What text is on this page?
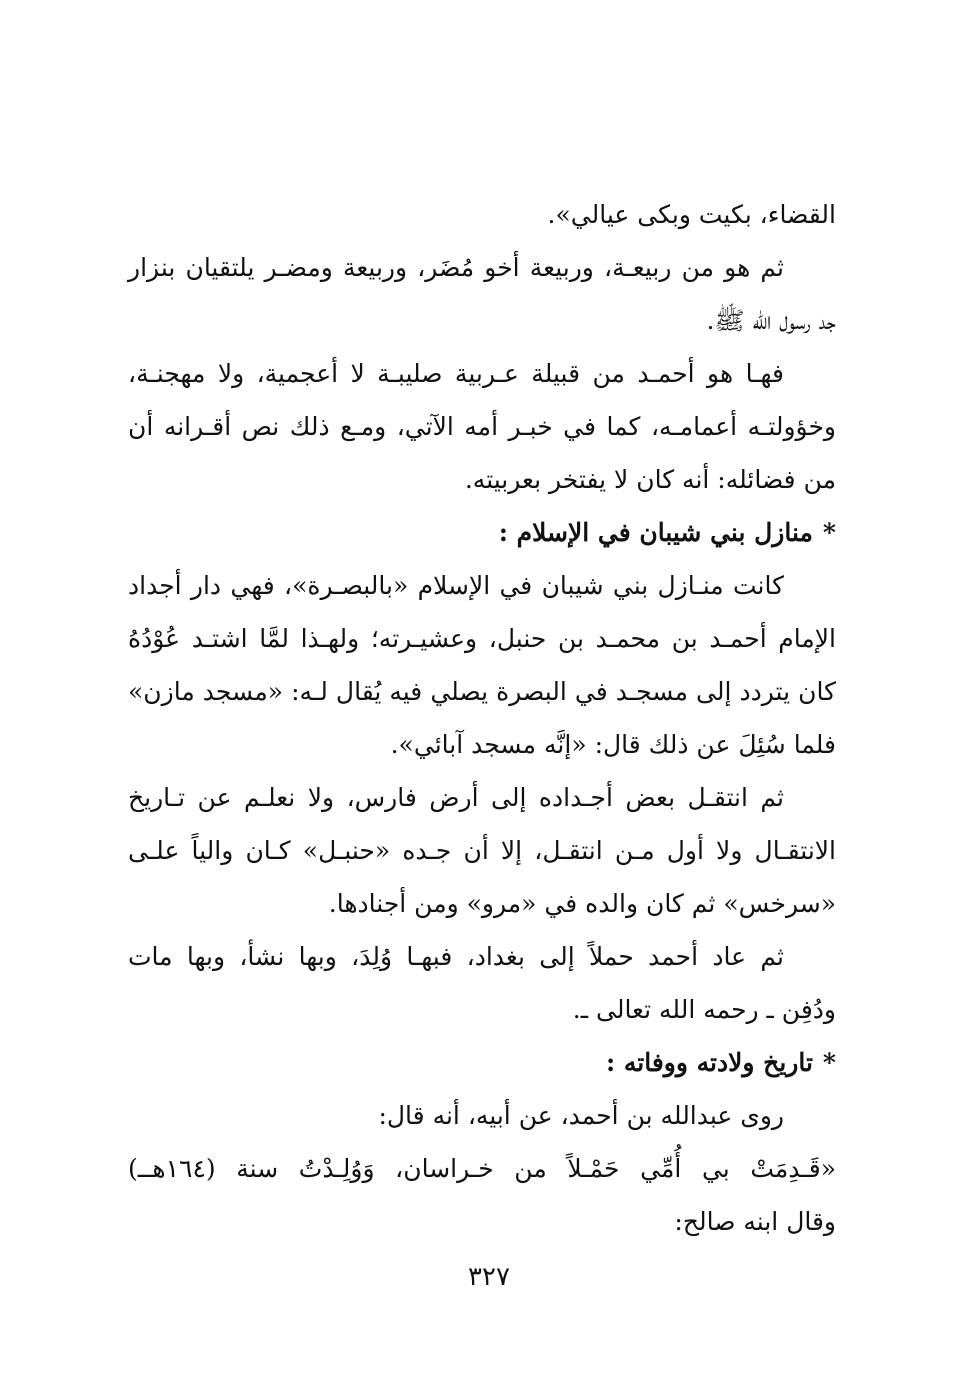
القضاء، بكيت وبكى عيالي».

ثم هو من ربيعـة، وربيعة أخو مُضَر، وربيعة ومضـر يلتقيان بنزار

جد رسول الله ﷺ.

فهـا هو أحمـد من قبيلة عـربية صليبـة لا أعجمية، ولا مهجنـة،

وخؤولتـه أعمامـه، كما في خبـر أمه الآتي، ومـع ذلك نص أقـرانه أن

من فضائله: أنه كان لا يفتخر بعربيته.

*منازل بني شيبان في الإسلام :

كانت منـازل بني شيبان في الإسلام «بالبصـرة»، فهي دار أجداد

الإمام أحمـد بن محمـد بن حنبل، وعشيـرته؛ ولهـذا لمَّا اشتـد عُوْدُهُ

كان يتردد إلى مسجـد في البصرة يصلي فيه يُقال لـه: «مسجد مازن»

فلما سُئِلَ عن ذلك قال: «إنَّه مسجد آبائي».

ثم انتقـل بعض أجـداده إلى أرض فارس، ولا نعلـم عن تـاريخ

الانتقـال ولا أول مـن انتقـل، إلا أن جـده «حنبـل» كـان والياً علـى

«سرخس» ثم كان والده في «مرو» ومن أجنادها.

ثم عاد أحمد حملاً إلى بغداد، فبهـا وُلِدَ، وبها نشأ، وبها مات

ودُفِن ـ رحمه الله تعالى ـ.

*تاريخ ولادته ووفاته :

روى عبدالله بن أحمد، عن أبيه، أنه قال:

«قَـدِمَتْ بي أُمِّي حَمْـلاً من خـراسان، وَوُلِـدْتُ سنة (١٦٤هــ)

وقال ابنه صالح:

٣٢٧
